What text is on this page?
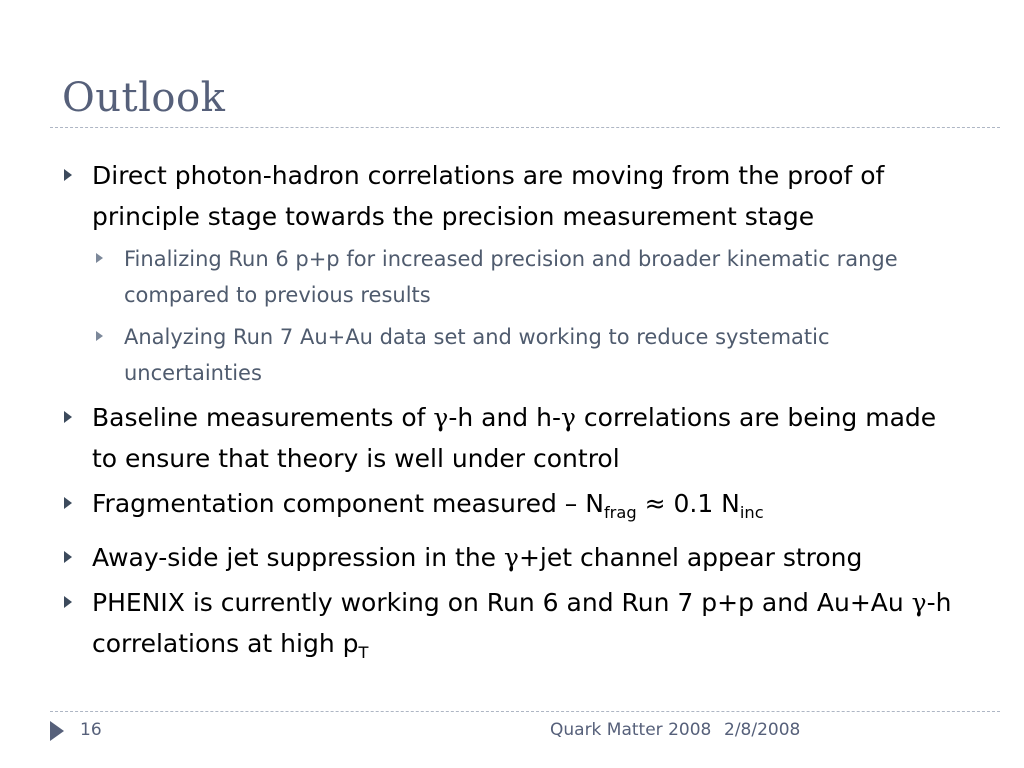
Outlook
Direct photon-hadron correlations are moving from the proof of principle stage towards the precision measurement stage
Finalizing Run 6 p+p for increased precision and broader kinematic range compared to previous results
Analyzing Run 7 Au+Au data set and working to reduce systematic uncertainties
Baseline measurements of γ-h and h-γ correlations are being made to ensure that theory is well under control
Fragmentation component measured – $N_{frag} \approx 0.1$ $N_{inc}$
Away-side jet suppression in the γ+jet channel appear strong
PHENIX is currently working on Run 6 and Run 7 p+p and Au+Au γ-h correlations at high $p_T$
16	Quark Matter 2008 2/8/2008
